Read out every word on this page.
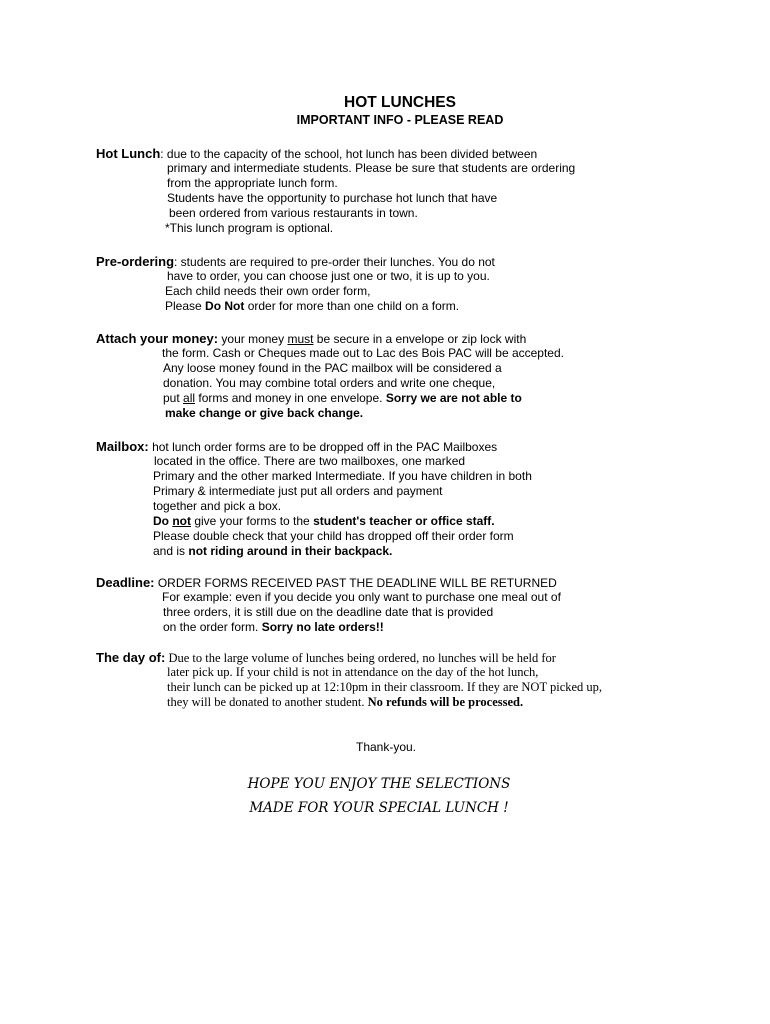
HOT LUNCHES
IMPORTANT INFO - PLEASE READ
Hot Lunch: due to the capacity of the school, hot lunch has been divided between
primary and intermediate students. Please be sure that students are ordering
from the appropriate lunch form.
Students have the opportunity to purchase hot lunch that have
been ordered from various restaurants in town.
*This lunch program is optional.
Pre-ordering: students are required to pre-order their lunches. You do not
have to order, you can choose just one or two, it is up to you.
Each child needs their own order form,
Please Do Not order for more than one child on a form.
Attach your money: your money must be secure in a envelope or zip lock with
the form. Cash or Cheques made out to Lac des Bois PAC will be accepted.
Any loose money found in the PAC mailbox will be considered a
donation. You may combine total orders and write one cheque,
put all forms and money in one envelope. Sorry we are not able to
make change or give back change.
Mailbox: hot lunch order forms are to be dropped off in the PAC Mailboxes
located in the office. There are two mailboxes, one marked
Primary and the other marked Intermediate. If you have children in both
Primary & intermediate just put all orders and payment
together and pick a box.
Do not give your forms to the student's teacher or office staff.
Please double check that your child has dropped off their order form
and is not riding around in their backpack.
Deadline: ORDER FORMS RECEIVED PAST THE DEADLINE WILL BE RETURNED
For example: even if you decide you only want to purchase one meal out of
three orders, it is still due on the deadline date that is provided
on the order form. Sorry no late orders!!
The day of: Due to the large volume of lunches being ordered, no lunches will be held for
later pick up. If your child is not in attendance on the day of the hot lunch,
their lunch can be picked up at 12:10pm in their classroom. If they are NOT picked up,
they will be donated to another student. No refunds will be processed.
Thank-you.
HOPE YOU ENJOY THE SELECTIONS
MADE FOR YOUR SPECIAL LUNCH !
